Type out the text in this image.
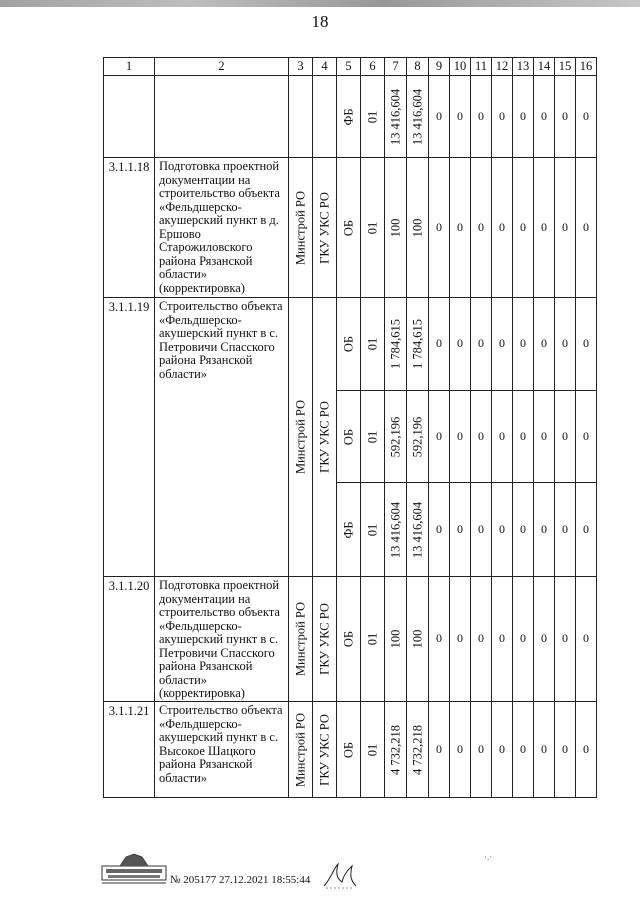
18
1	2	3	4	5	6	7	8	9	10	11	12	13	14	15	16

				ФБ	01	13 416,604	13 416,604	0	0	0	0	0	0	0	0
3.1.1.18	Подготовка проектной документации на строительство объекта «Фельдшерско-акушерский пункт в д. Ершово Старожиловского района Рязанской области» (корректировка)	Минстрой РО	ГКУ УКС РО	ОБ	01	100	100	0	0	0	0	0	0	0	0
3.1.1.19	Строительство объекта «Фельдшерско-акушерский пункт в с. Петровичи Спасского района Рязанской области»	Минстрой РО	ГКУ УКС РО	ОБ	01	1 784,615	1 784,615	0	0	0	0	0	0	0	0

				ОБ	01	592,196	592,196	0	0	0	0	0	0	0	0

				ФБ	01	13 416,604	13 416,604	0	0	0	0	0	0	0	0
3.1.1.20	Подготовка проектной документации на строительство объекта «Фельдшерско-акушерский пункт в с. Петровичи Спасского района Рязанской области» (корректировка)	Минстрой РО	ГКУ УКС РО	ОБ	01	100	100	0	0	0	0	0	0	0	0
3.1.1.21	Строительство объекта «Фельдшерско-акушерский пункт в с. Высокое Шацкого района Рязанской области»	Минстрой РО	ГКУ УКС РО	ОБ	01	4 732,218	4 732,218	0	0	0	0	0	0	0	0
№ 205177 27.12.2021 18:55:44
·.·
